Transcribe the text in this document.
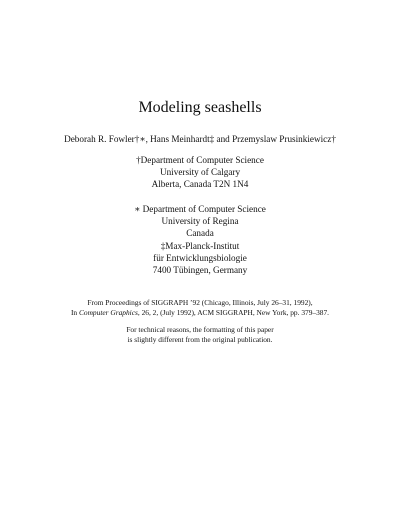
Modeling seashells
Deborah R. Fowler†∗, Hans Meinhardt‡ and Przemyslaw Prusinkiewicz†
†Department of Computer Science
University of Calgary
Alberta, Canada T2N 1N4
∗ Department of Computer Science
University of Regina
Canada
‡Max-Planck-Institut
für Entwicklungsbiologie
7400 Tübingen, Germany
From Proceedings of SIGGRAPH ’92 (Chicago, Illinois, July 26–31, 1992),
In Computer Graphics, 26, 2, (July 1992), ACM SIGGRAPH, New York, pp. 379–387.
For technical reasons, the formatting of this paper
is slightly different from the original publication.
